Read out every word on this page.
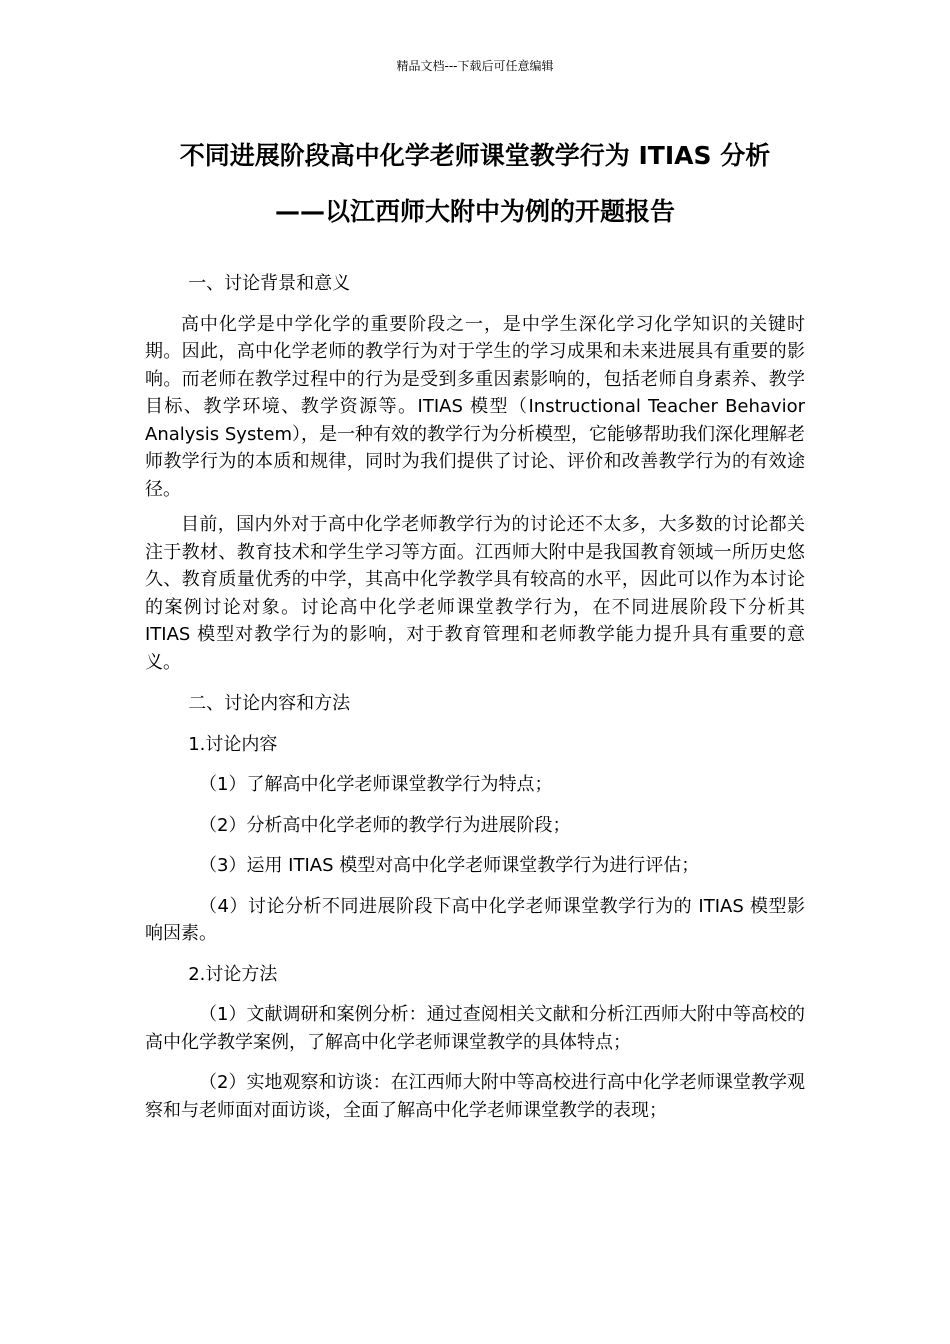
精品文档---下载后可任意编辑
不同进展阶段高中化学老师课堂教学行为 ITIAS 分析
——以江西师大附中为例的开题报告

一、讨论背景和意义

高中化学是中学化学的重要阶段之一，是中学生深化学习化学知识的关键时期。因此，高中化学老师的教学行为对于学生的学习成果和未来进展具有重要的影响。而老师在教学过程中的行为是受到多重因素影响的，包括老师自身素养、教学目标、教学环境、教学资源等。ITIAS 模型（Instructional Teacher Behavior Analysis System），是一种有效的教学行为分析模型，它能够帮助我们深化理解老师教学行为的本质和规律，同时为我们提供了讨论、评价和改善教学行为的有效途径。

目前，国内外对于高中化学老师教学行为的讨论还不太多，大多数的讨论都关注于教材、教育技术和学生学习等方面。江西师大附中是我国教育领域一所历史悠久、教育质量优秀的中学，其高中化学教学具有较高的水平，因此可以作为本讨论的案例讨论对象。讨论高中化学老师课堂教学行为，在不同进展阶段下分析其 ITIAS 模型对教学行为的影响，对于教育管理和老师教学能力提升具有重要的意义。

二、讨论内容和方法

1.讨论内容

（1）了解高中化学老师课堂教学行为特点；

（2）分析高中化学老师的教学行为进展阶段；

（3）运用 ITIAS 模型对高中化学老师课堂教学行为进行评估；

（4）讨论分析不同进展阶段下高中化学老师课堂教学行为的 ITIAS 模型影响因素。

2.讨论方法

（1）文献调研和案例分析：通过查阅相关文献和分析江西师大附中等高校的高中化学教学案例，了解高中化学老师课堂教学的具体特点；

（2）实地观察和访谈：在江西师大附中等高校进行高中化学老师课堂教学观察和与老师面对面访谈，全面了解高中化学老师课堂教学的表现；
